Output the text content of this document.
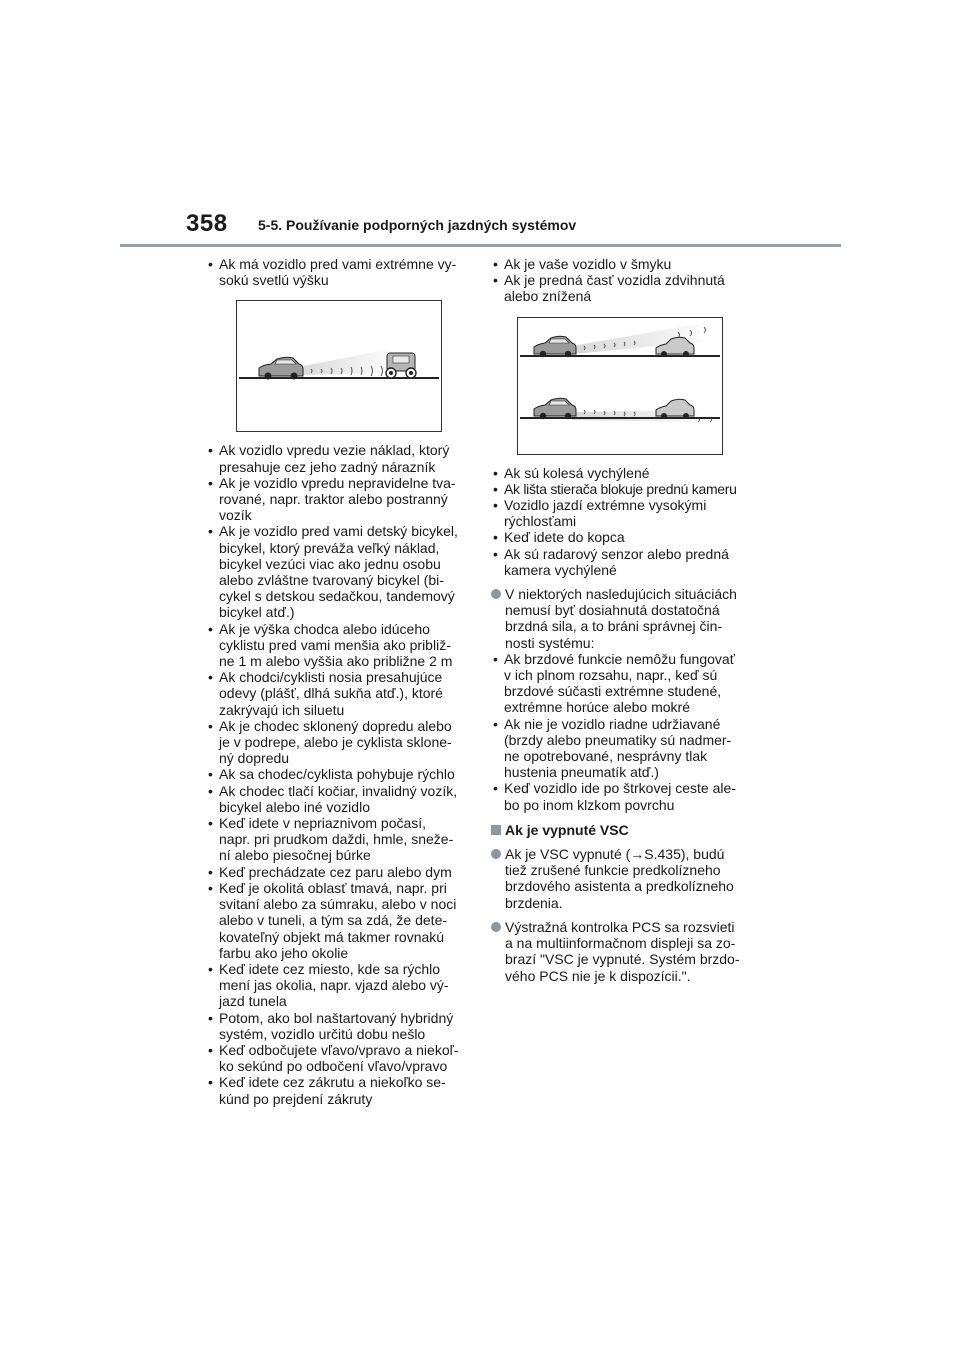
358 5-5. Používanie podporných jazdných systémov
• Ak má vozidlo pred vami extrémne vy-
sokú svetlú výšku
• Ak vozidlo vpredu vezie náklad, ktorý
presahuje cez jeho zadný nárazník
• Ak je vozidlo vpredu nepravidelne tva-
rované, napr. traktor alebo postranný
vozík
• Ak je vozidlo pred vami detský bicykel,
bicykel, ktorý preváža veľký náklad,
bicykel vezúci viac ako jednu osobu
alebo zvláštne tvarovaný bicykel (bi-
cykel s detskou sedačkou, tandemový
bicykel atď.)
• Ak je výška chodca alebo idúceho
cyklistu pred vami menšia ako približ-
ne 1 m alebo vyššia ako približne 2 m
• Ak chodci/cyklisti nosia presahujúce
odevy (plášť, dlhá sukňa atď.), ktoré
zakrývajú ich siluetu
• Ak je chodec sklonený dopredu alebo
je v podrepe, alebo je cyklista sklone-
ný dopredu
• Ak sa chodec/cyklista pohybuje rýchlo
• Ak chodec tlačí kočiar, invalidný vozík,
bicykel alebo iné vozidlo
• Keď idete v nepriaznivom počasí,
napr. pri prudkom daždi, hmle, sneže-
ní alebo piesočnej búrke
• Keď prechádzate cez paru alebo dym
• Keď je okolitá oblasť tmavá, napr. pri
svitaní alebo za súmraku, alebo v noci
alebo v tuneli, a tým sa zdá, že dete-
kovateľný objekt má takmer rovnakú
farbu ako jeho okolie
• Keď idete cez miesto, kde sa rýchlo
mení jas okolia, napr. vjazd alebo vý-
jazd tunela
• Potom, ako bol naštartovaný hybridný
systém, vozidlo určitú dobu nešlo
• Keď odbočujete vľavo/vpravo a niekoľ-
ko sekúnd po odbočení vľavo/vpravo
• Keď idete cez zákrutu a niekoľko se-
kúnd po prejdení zákruty
• Ak je vaše vozidlo v šmyku
• Ak je predná časť vozidla zdvihnutá
alebo znížená
• Ak sú kolesá vychýlené
• Ak lišta stierača blokuje prednú kameru
• Vozidlo jazdí extrémne vysokými
rýchlosťami
• Keď idete do kopca
• Ak sú radarový senzor alebo predná
kamera vychýlené
V niektorých nasledujúcich situáciách
nemusí byť dosiahnutá dostatočná
brzdná sila, a to bráni správnej čin-
nosti systému:
• Ak brzdové funkcie nemôžu fungovať
v ich plnom rozsahu, napr., keď sú
brzdové súčasti extrémne studené,
extrémne horúce alebo mokré
• Ak nie je vozidlo riadne udržiavané
(brzdy alebo pneumatiky sú nadmer-
ne opotrebované, nesprávny tlak
hustenia pneumatík atď.)
• Keď vozidlo ide po štrkovej ceste ale-
bo po inom klzkom povrchu
Ak je vypnuté VSC
Ak je VSC vypnuté (→S.435), budú
tiež zrušené funkcie predkolízneho
brzdového asistenta a predkolízneho
brzdenia.
Výstražná kontrolka PCS sa rozsvieti
a na multiinformačnom displeji sa zo-
brazí "VSC je vypnuté. Systém brzdo-
vého PCS nie je k dispozícii.".
